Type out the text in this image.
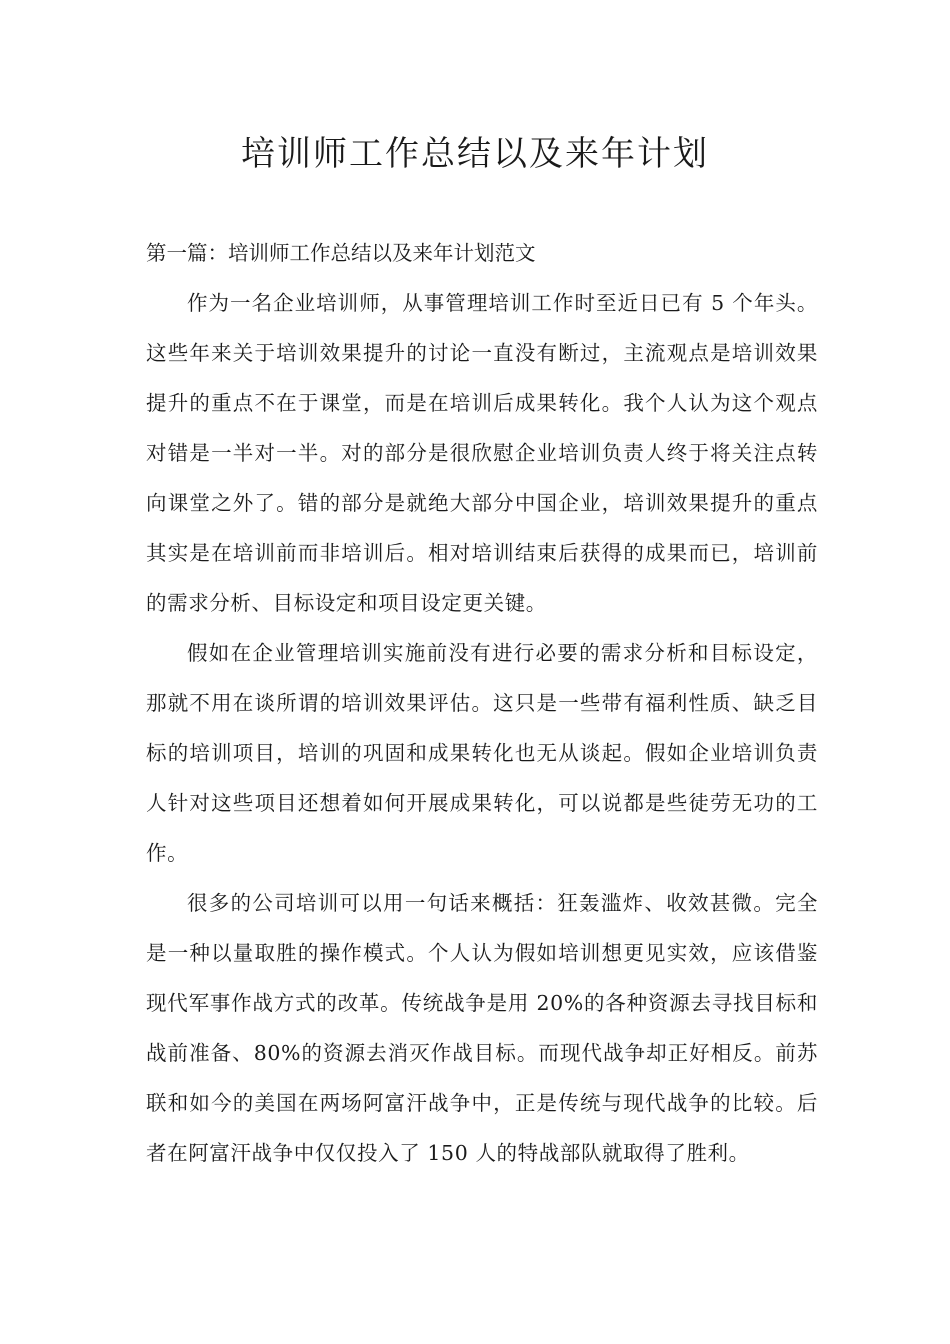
培训师工作总结以及来年计划

第一篇：培训师工作总结以及来年计划范文

作为一名企业培训师，从事管理培训工作时至近日已有 5 个年头。这些年来关于培训效果提升的讨论一直没有断过，主流观点是培训效果提升的重点不在于课堂，而是在培训后成果转化。我个人认为这个观点对错是一半对一半。对的部分是很欣慰企业培训负责人终于将关注点转向课堂之外了。错的部分是就绝大部分中国企业，培训效果提升的重点其实是在培训前而非培训后。相对培训结束后获得的成果而已，培训前的需求分析、目标设定和项目设定更关键。

假如在企业管理培训实施前没有进行必要的需求分析和目标设定，那就不用在谈所谓的培训效果评估。这只是一些带有福利性质、缺乏目标的培训项目，培训的巩固和成果转化也无从谈起。假如企业培训负责人针对这些项目还想着如何开展成果转化，可以说都是些徒劳无功的工作。

很多的公司培训可以用一句话来概括：狂轰滥炸、收效甚微。完全是一种以量取胜的操作模式。个人认为假如培训想更见实效，应该借鉴现代军事作战方式的改革。传统战争是用 20%的各种资源去寻找目标和战前准备、80%的资源去消灭作战目标。而现代战争却正好相反。前苏联和如今的美国在两场阿富汗战争中，正是传统与现代战争的比较。后者在阿富汗战争中仅仅投入了 150 人的特战部队就取得了胜利。
